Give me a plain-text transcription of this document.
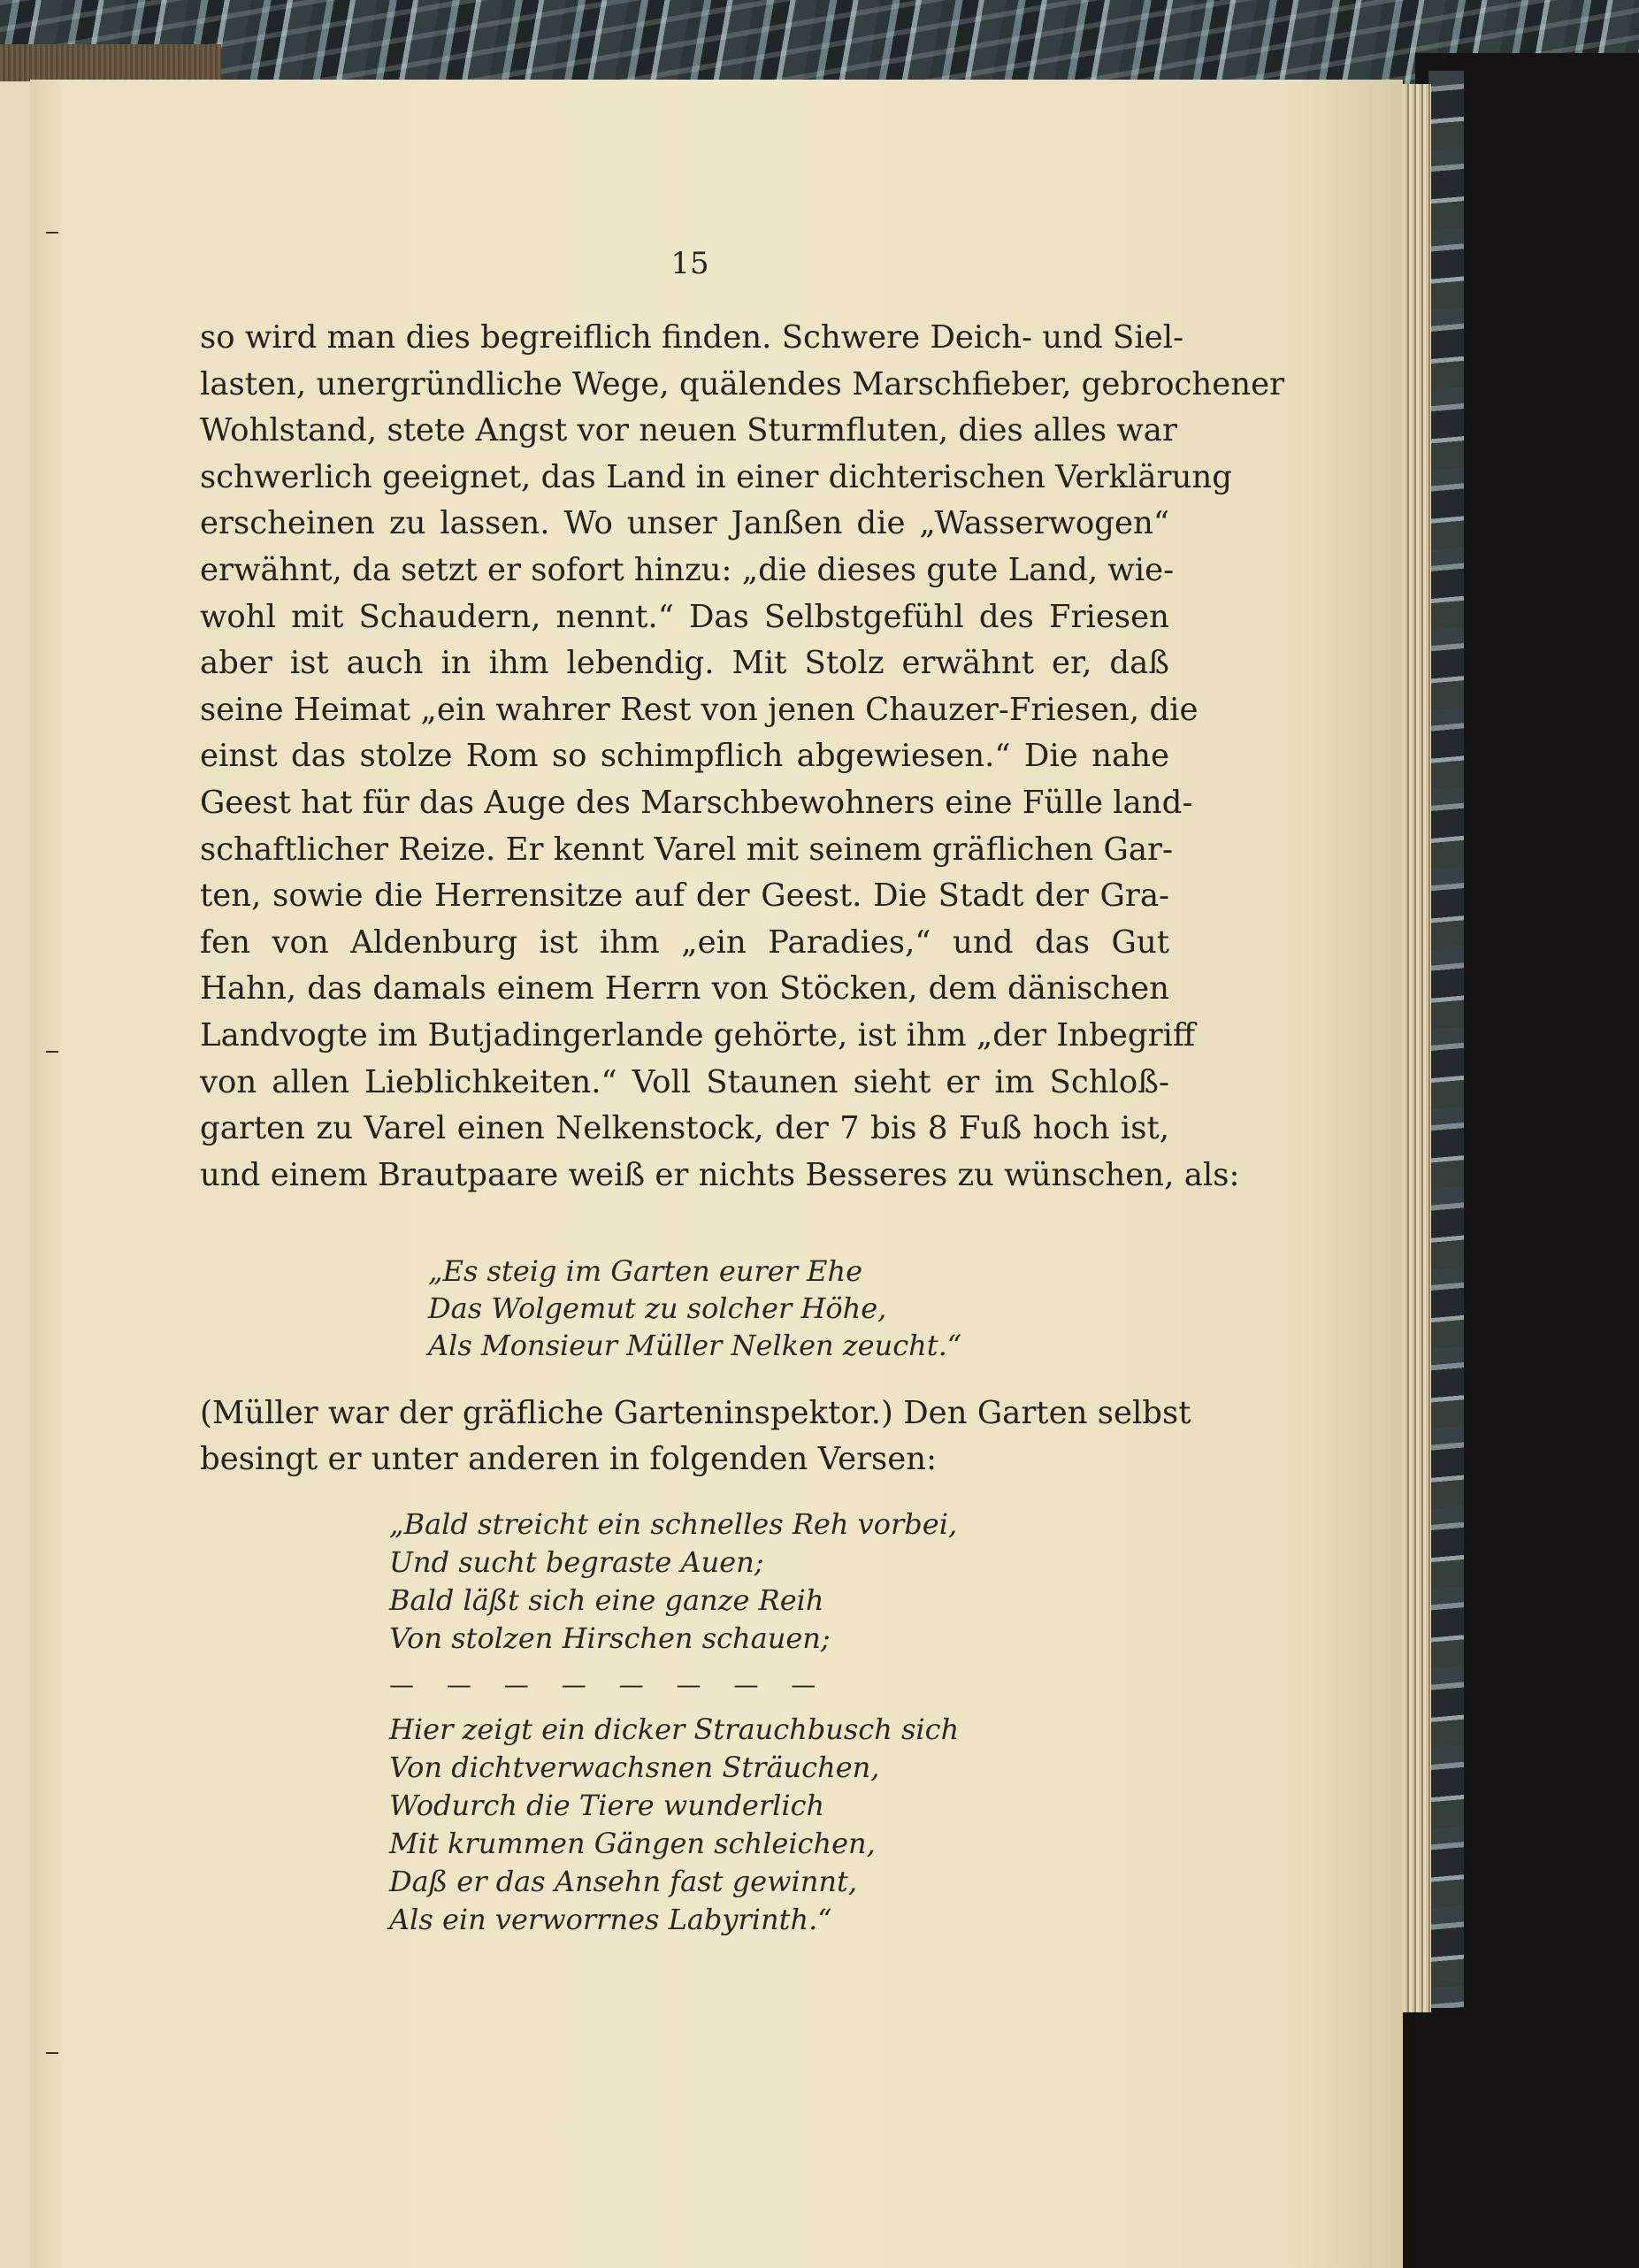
15
so wird man dies begreiflich finden. Schwere Deich- und Siel-
lasten, unergründliche Wege, quälendes Marschfieber, gebrochener
Wohlstand, stete Angst vor neuen Sturmfluten, dies alles war
schwerlich geeignet, das Land in einer dichterischen Verklärung
erscheinen zu lassen. Wo unser Janßen die „Wasserwogen“
erwähnt, da setzt er sofort hinzu: „die dieses gute Land, wie-
wohl mit Schaudern, nennt.“ Das Selbstgefühl des Friesen
aber ist auch in ihm lebendig. Mit Stolz erwähnt er, daß
seine Heimat „ein wahrer Rest von jenen Chauzer-Friesen, die
einst das stolze Rom so schimpflich abgewiesen.“ Die nahe
Geest hat für das Auge des Marschbewohners eine Fülle land-
schaftlicher Reize. Er kennt Varel mit seinem gräflichen Gar-
ten, sowie die Herrensitze auf der Geest. Die Stadt der Gra-
fen von Aldenburg ist ihm „ein Paradies,“ und das Gut
Hahn, das damals einem Herrn von Stöcken, dem dänischen
Landvogte im Butjadingerlande gehörte, ist ihm „der Inbegriff
von allen Lieblichkeiten.“ Voll Staunen sieht er im Schloß-
garten zu Varel einen Nelkenstock, der 7 bis 8 Fuß hoch ist,
und einem Brautpaare weiß er nichts Besseres zu wünschen, als:
„Es steig im Garten eurer Ehe
Das Wolgemut zu solcher Höhe,
Als Monsieur Müller Nelken zeucht.“
(Müller war der gräfliche Garteninspektor.) Den Garten selbst
besingt er unter anderen in folgenden Versen:
„Bald streicht ein schnelles Reh vorbei,
Und sucht begraste Auen;
Bald läßt sich eine ganze Reih
Von stolzen Hirschen schauen;
— — — — — — — —
Hier zeigt ein dicker Strauchbusch sich
Von dichtverwachsnen Sträuchen,
Wodurch die Tiere wunderlich
Mit krummen Gängen schleichen,
Daß er das Ansehn fast gewinnt,
Als ein verworrnes Labyrinth.“
